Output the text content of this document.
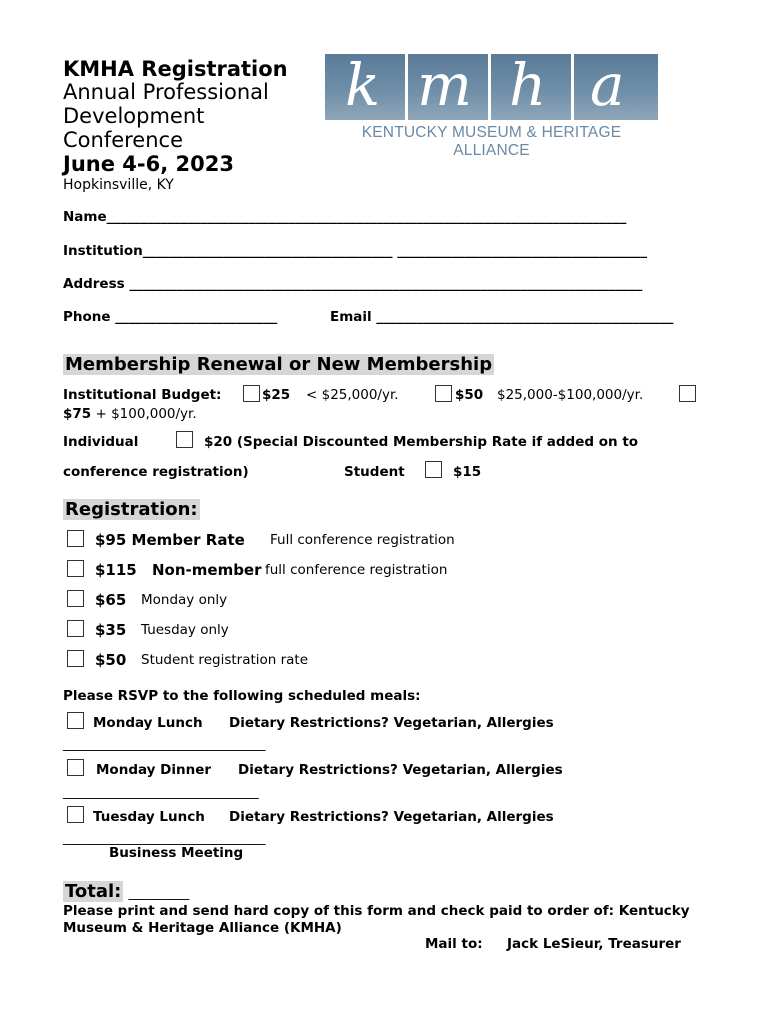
KMHA Registration
Annual Professional
Development
Conference
June 4-6, 2023
Hopkinsville, KY
k m h a
KENTUCKY MUSEUM & HERITAGE ALLIANCE
Name_____________________________________________________________________________
Institution_____________________________________ _____________________________________
Address ____________________________________________________________________________
Phone ________________________	Email ____________________________________________
Membership Renewal or New Membership
Institutional Budget:	$25 < $25,000/yr.	$50 $25,000-$100,000/yr.
$75 + $100,000/yr.
Individual	$20 (Special Discounted Membership Rate if added on to
conference registration)	Student	$15
Registration:
$95 Member Rate Full conference registration
$115 Non-member full conference registration
$65 Monday only
$35 Tuesday only
$50 Student registration rate
Please RSVP to the following scheduled meals:
Monday Lunch Dietary Restrictions? Vegetarian, Allergies
______________________________
Monday Dinner Dietary Restrictions? Vegetarian, Allergies
_____________________________
Tuesday Lunch Dietary Restrictions? Vegetarian, Allergies
______________________________
Business Meeting
Total: _________
Please print and send hard copy of this form and check paid to order of: Kentucky
Museum & Heritage Alliance (KMHA)
Mail to: Jack LeSieur, Treasurer
